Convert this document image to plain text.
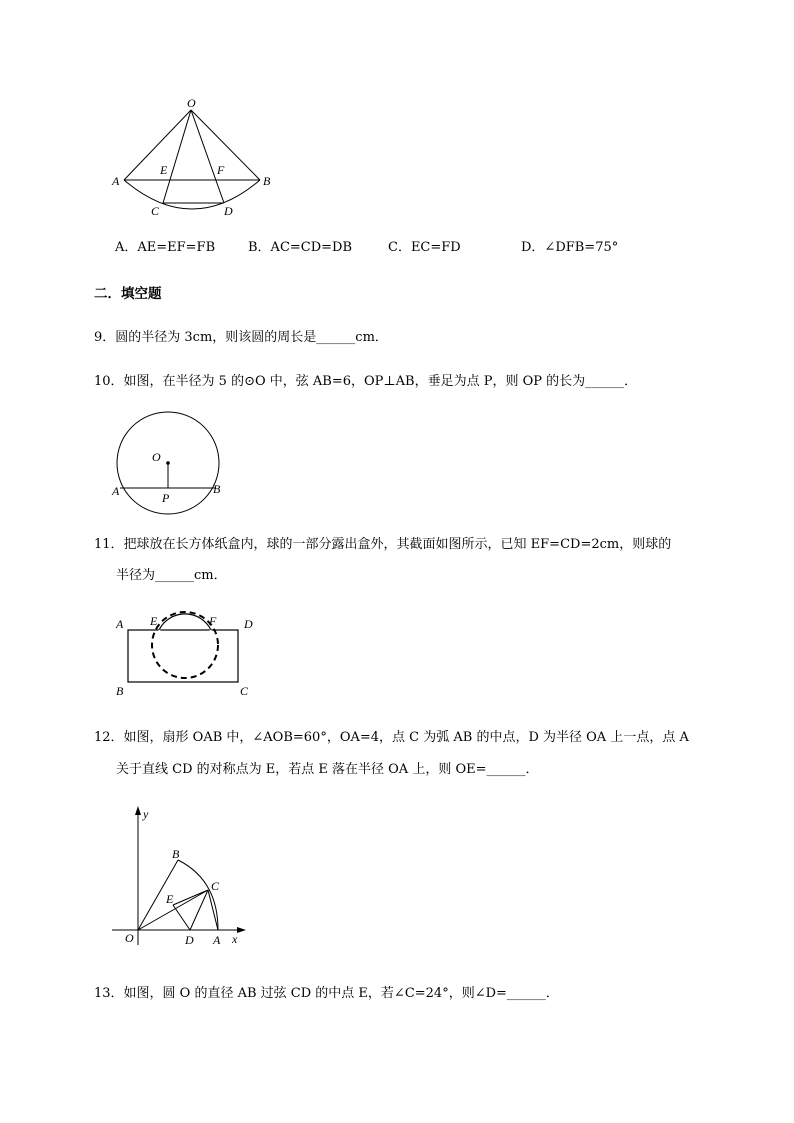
O
A	B
E	F
C	D
A．AE=EF=FB	B．AC=CD=DB	C．EC=FD	D．∠DFB=75°
二．填空题
9．圆的半径为 3cm，则该圆的周长是______cm．
10．如图，在半径为 5 的⊙O 中，弦 AB=6，OP⊥AB，垂足为点 P，则 OP 的长为______．
O
A	B
P
11．把球放在长方体纸盒内，球的一部分露出盒外，其截面如图所示，已知 EF=CD=2cm，则球的
半径为______cm．
A E	F D
B	C
12．如图，扇形 OAB 中，∠AOB=60°，OA=4，点 C 为弧 AB 的中点，D 为半径 OA 上一点，点 A
关于直线 CD 的对称点为 E，若点 E 落在半径 OA 上，则 OE=______．
y
x
O
B
C
E
D A
13．如图，圆 O 的直径 AB 过弦 CD 的中点 E，若∠C=24°，则∠D=______．
